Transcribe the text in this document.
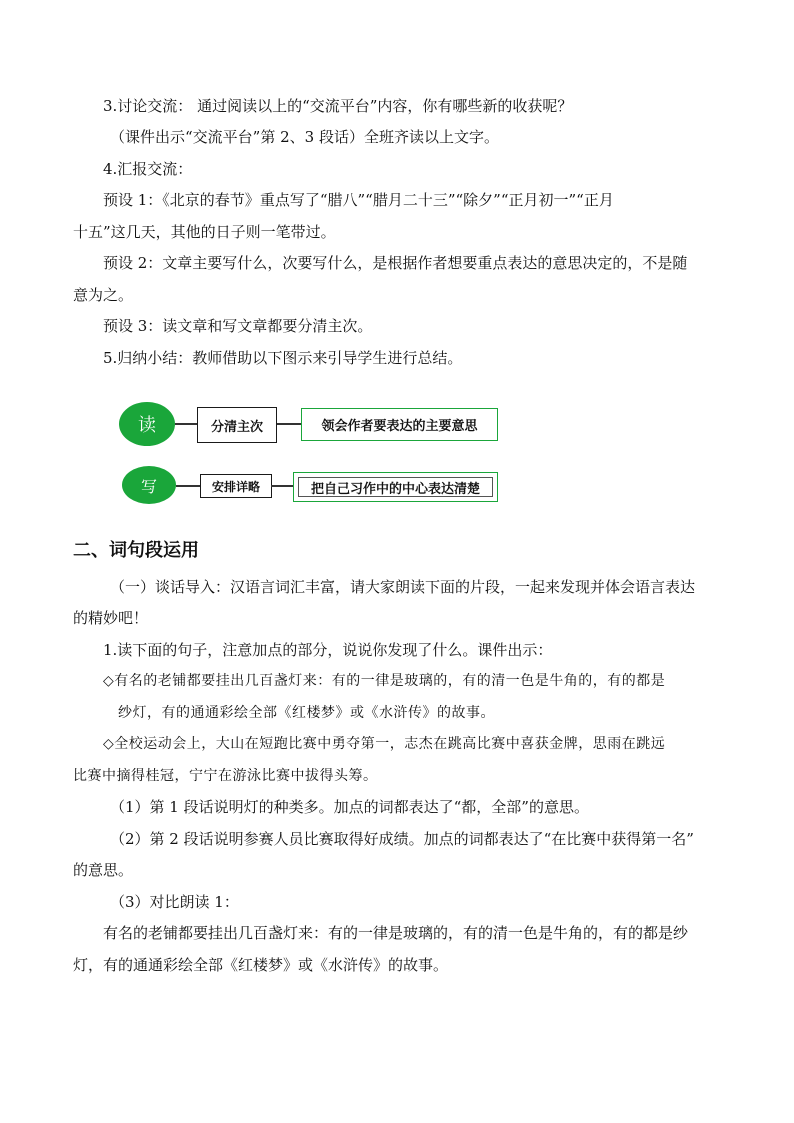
3.讨论交流： 通过阅读以上的“交流平台”内容，你有哪些新的收获呢？
（课件出示“交流平台”第 2、3 段话）全班齐读以上文字。
4.汇报交流：
预设 1：《北京的春节》重点写了“腊八”“腊月二十三”“除夕”“正月初一”“正月
十五”这几天，其他的日子则一笔带过。
预设 2：文章主要写什么，次要写什么，是根据作者想要重点表达的意思决定的，不是随
意为之。
预设 3：读文章和写文章都要分清主次。
5.归纳小结：教师借助以下图示来引导学生进行总结。
读	分清主次	领会作者要表达的主要意思
写	安排详略	把自己习作中的中心表达清楚
二、词句段运用
（一）谈话导入：汉语言词汇丰富，请大家朗读下面的片段，一起来发现并体会语言表达
的精妙吧！
1.读下面的句子，注意加点的部分，说说你发现了什么。课件出示：
◇有名的老铺都要挂出几百盏灯来：有的一律是玻璃的，有的清一色是牛角的，有的都是
纱灯，有的通通彩绘全部《红楼梦》或《水浒传》的故事。
◇全校运动会上，大山在短跑比赛中勇夺第一，志杰在跳高比赛中喜获金牌，思雨在跳远
比赛中摘得桂冠，宁宁在游泳比赛中拔得头筹。
（1）第 1 段话说明灯的种类多。加点的词都表达了“都，全部”的意思。
（2）第 2 段话说明参赛人员比赛取得好成绩。加点的词都表达了“在比赛中获得第一名”
的意思。
（3）对比朗读 1：
有名的老铺都要挂出几百盏灯来：有的一律是玻璃的，有的清一色是牛角的，有的都是纱
灯，有的通通彩绘全部《红楼梦》或《水浒传》的故事。
